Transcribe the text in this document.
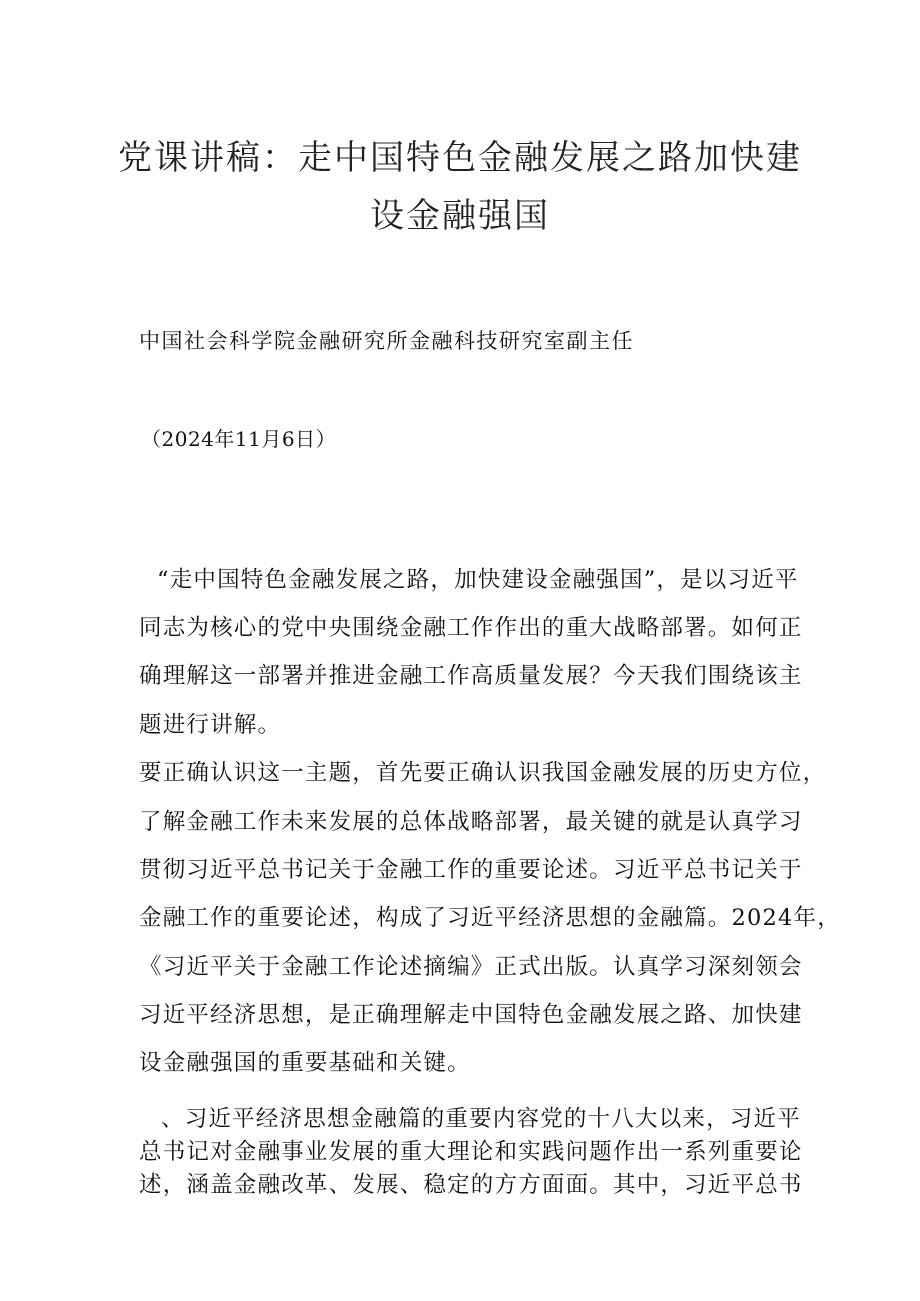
党课讲稿：走中国特色金融发展之路加快建
设金融强国
中国社会科学院金融研究所金融科技研究室副主任
（2024年11月6日）
“走中国特色金融发展之路，加快建设金融强国”，是以习近平
同志为核心的党中央围绕金融工作作出的重大战略部署。如何正
确理解这一部署并推进金融工作高质量发展？今天我们围绕该主
题进行讲解。
要正确认识这一主题，首先要正确认识我国金融发展的历史方位，
了解金融工作未来发展的总体战略部署，最关键的就是认真学习
贯彻习近平总书记关于金融工作的重要论述。习近平总书记关于
金融工作的重要论述，构成了习近平经济思想的金融篇。2024年，
《习近平关于金融工作论述摘编》正式出版。认真学习深刻领会
习近平经济思想，是正确理解走中国特色金融发展之路、加快建
设金融强国的重要基础和关键。
、习近平经济思想金融篇的重要内容党的十八大以来，习近平
总书记对金融事业发展的重大理论和实践问题作出一系列重要论
述，涵盖金融改革、发展、稳定的方方面面。其中，习近平总书
